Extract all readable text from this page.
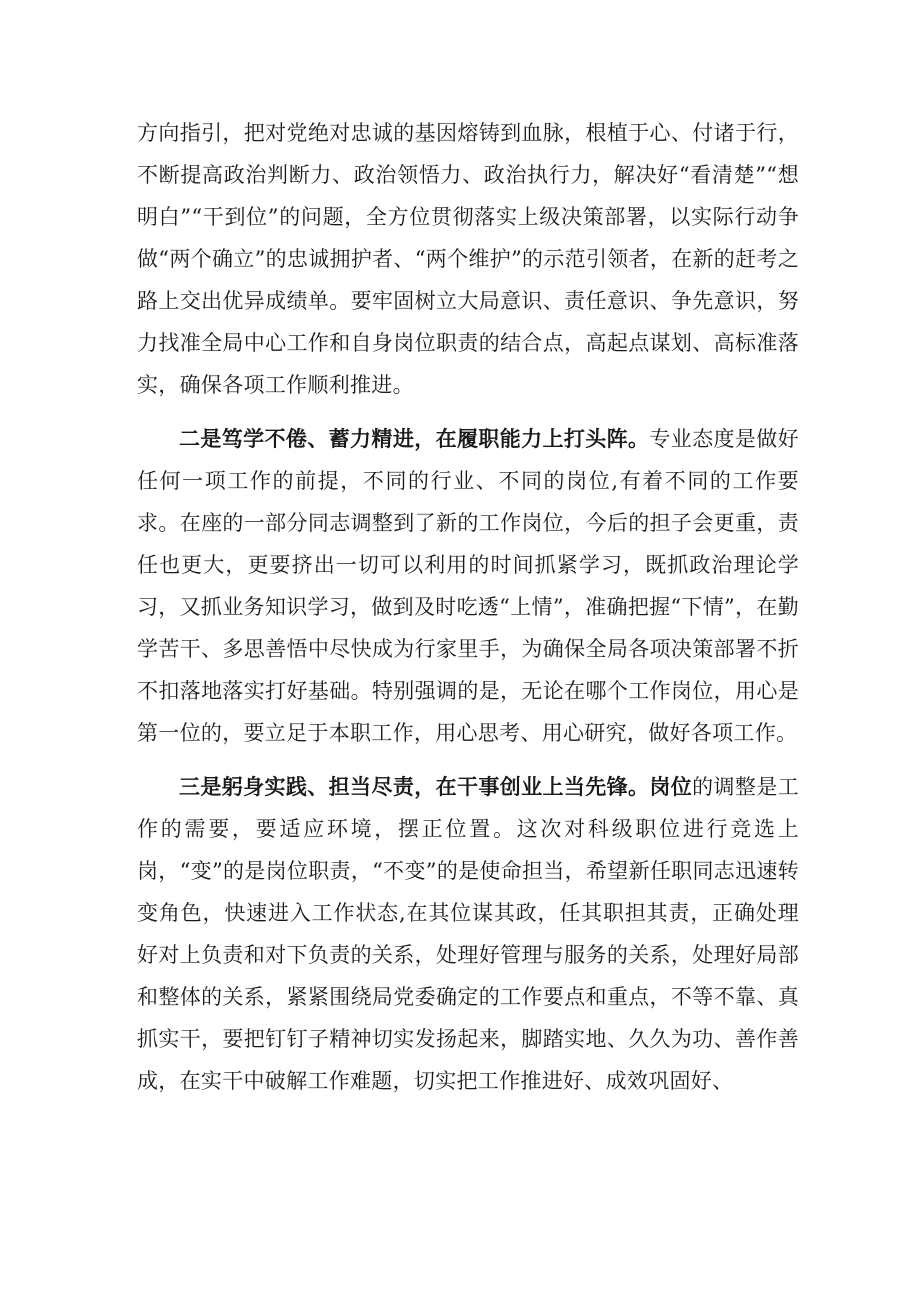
方向指引，把对党绝对忠诚的基因熔铸到血脉，根植于心、付诸于行，不断提高政治判断力、政治领悟力、政治执行力，解决好“看清楚”“想明白”“干到位”的问题，全方位贯彻落实上级决策部署，以实际行动争做“两个确立”的忠诚拥护者、“两个维护”的示范引领者，在新的赶考之路上交出优异成绩单。要牢固树立大局意识、责任意识、争先意识，努力找准全局中心工作和自身岗位职责的结合点，高起点谋划、高标准落实，确保各项工作顺利推进。

二是笃学不倦、蓄力精进，在履职能力上打头阵。专业态度是做好任何一项工作的前提，不同的行业、不同的岗位,有着不同的工作要求。在座的一部分同志调整到了新的工作岗位，今后的担子会更重，责任也更大，更要挤出一切可以利用的时间抓紧学习，既抓政治理论学习，又抓业务知识学习，做到及时吃透“上情”，准确把握“下情”，在勤学苦干、多思善悟中尽快成为行家里手，为确保全局各项决策部署不折不扣落地落实打好基础。特别强调的是，无论在哪个工作岗位，用心是第一位的，要立足于本职工作，用心思考、用心研究，做好各项工作。

三是躬身实践、担当尽责，在干事创业上当先锋。岗位的调整是工作的需要，要适应环境，摆正位置。这次对科级职位进行竞选上岗，“变”的是岗位职责，“不变”的是使命担当，希望新任职同志迅速转变角色，快速进入工作状态,在其位谋其政，任其职担其责，正确处理好对上负责和对下负责的关系，处理好管理与服务的关系，处理好局部和整体的关系，紧紧围绕局党委确定的工作要点和重点，不等不靠、真抓实干，要把钉钉子精神切实发扬起来，脚踏实地、久久为功、善作善成，在实干中破解工作难题，切实把工作推进好、成效巩固好、
